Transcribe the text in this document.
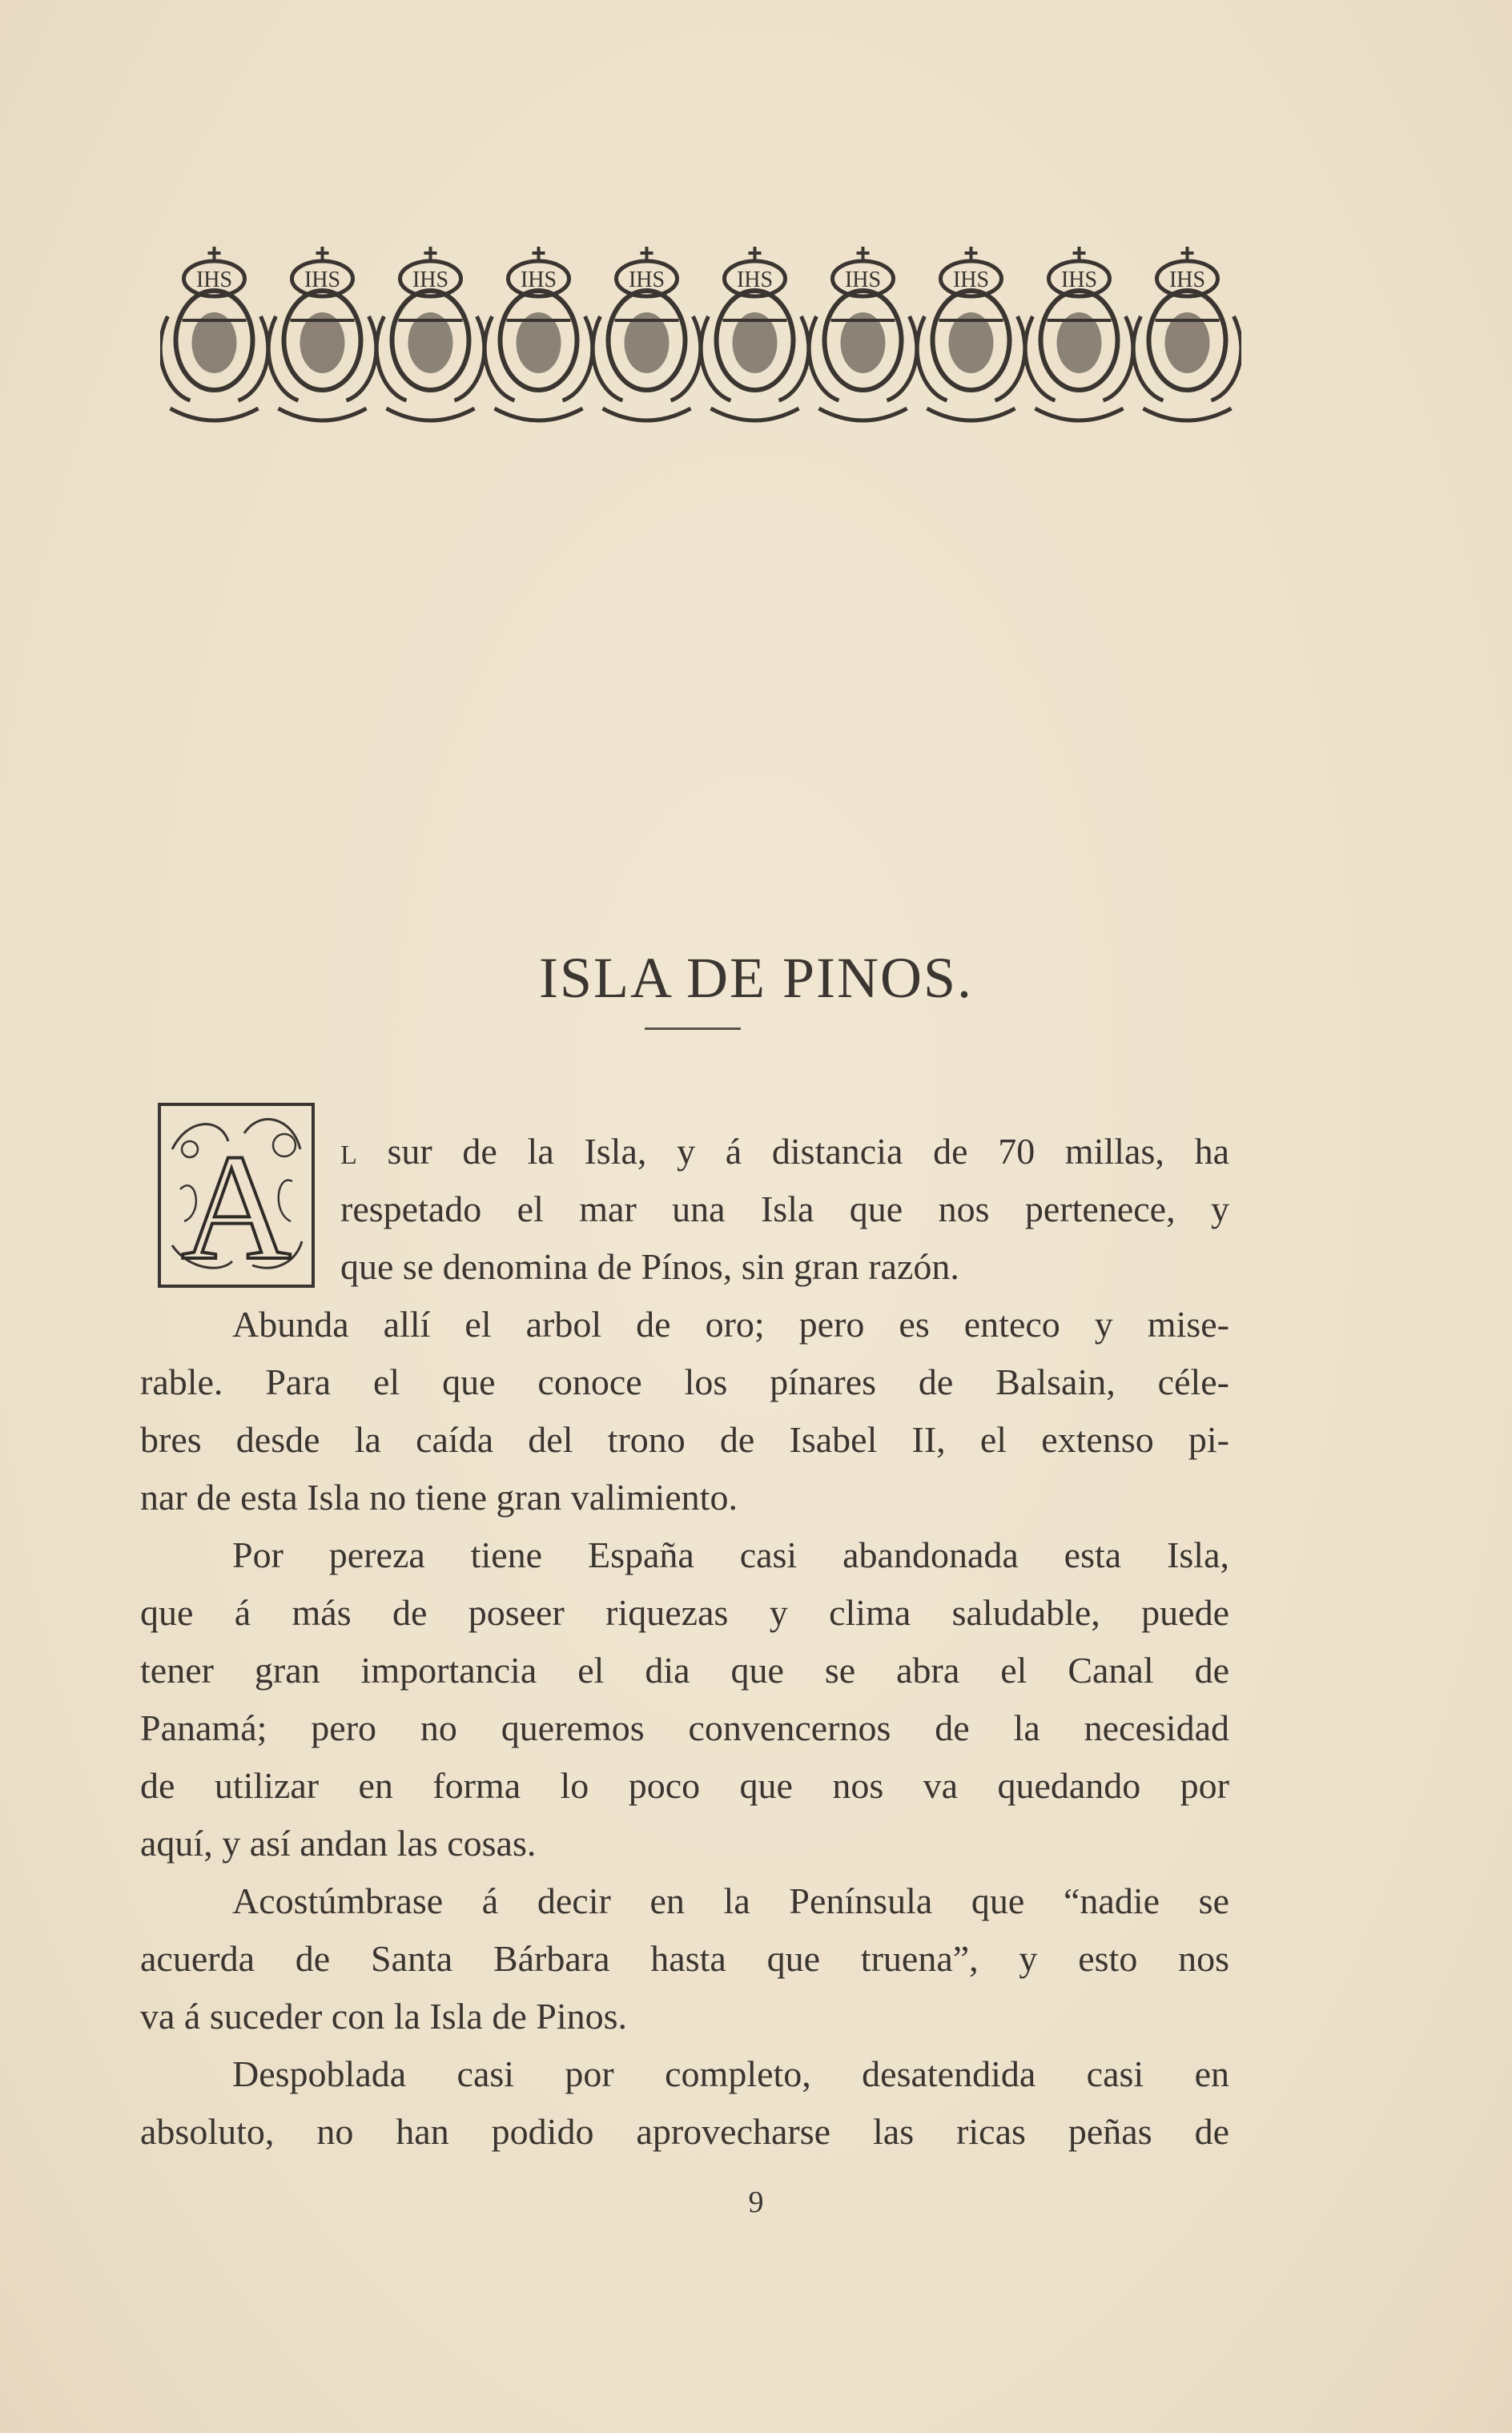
IHS	IHS	IHS	IHS	IHS	IHS	IHS	IHS	IHS	IHS
ISLA DE PINOS.
A L sur de la Isla, y á distancia de 70 millas, ha
respetado el mar una Isla que nos pertenece, y
que se denomina de Pínos, sin gran razón.
Abunda allí el arbol de oro; pero es enteco y mise-
rable. Para el que conoce los pínares de Balsain, céle-
bres desde la caída del trono de Isabel II, el extenso pi-
nar de esta Isla no tiene gran valimiento.
Por pereza tiene España casi abandonada esta Isla,
que á más de poseer riquezas y clima saludable, puede
tener gran importancia el dia que se abra el Canal de
Panamá; pero no queremos convencernos de la necesidad
de utilizar en forma lo poco que nos va quedando por
aquí, y así andan las cosas.
Acostúmbrase á decir en la Península que “nadie se
acuerda de Santa Bárbara hasta que truena”, y esto nos
va á suceder con la Isla de Pinos.
Despoblada casi por completo, desatendida casi en
absoluto, no han podido aprovecharse las ricas peñas de
9
